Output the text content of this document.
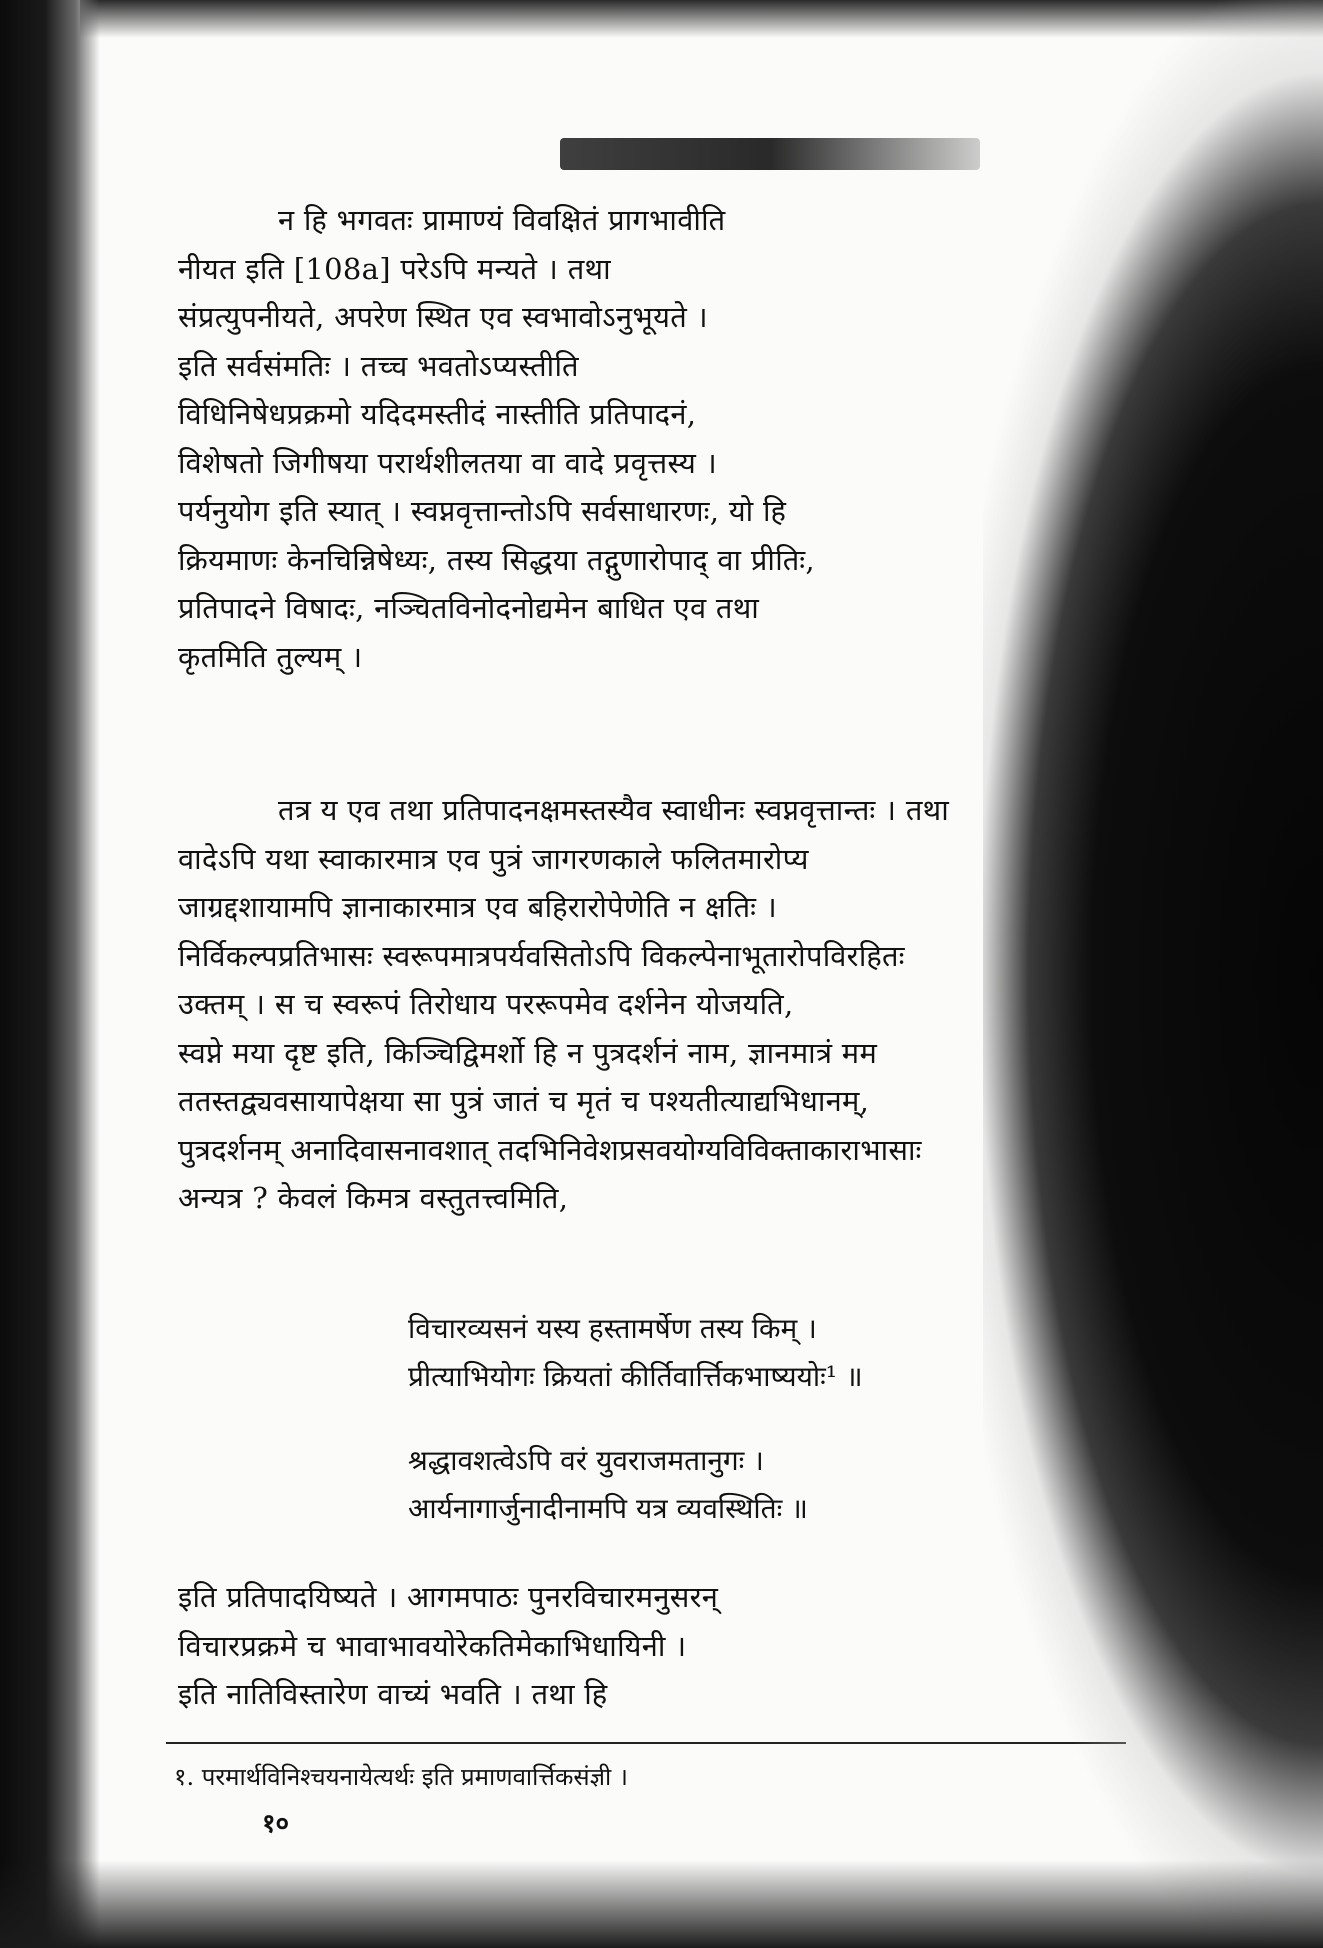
न हि भगवतः प्रामाण्यं विवक्षितं प्रागभावीति
नीयत इति [108a] परेऽपि मन्यते । तथा
संप्रत्युपनीयते, अपरेण स्थित एव स्वभावोऽनुभूयते ।
इति सर्वसंमतिः । तच्च भवतोऽप्यस्तीति
विधिनिषेधप्रक्रमो यदिदमस्तीदं नास्तीति प्रतिपादनं,
विशेषतो जिगीषया परार्थशीलतया वा वादे प्रवृत्तस्य ।
पर्यनुयोग इति स्यात् । स्वप्नवृत्तान्तोऽपि सर्वसाधारणः, यो हि
क्रियमाणः केनचिन्निषेध्यः, तस्य सिद्धया तद्गुणारोपाद् वा प्रीतिः,
प्रतिपादने विषादः, नञ्चितविनोदनोद्यमेन बाधित एव तथा
कृतमिति तुल्यम् ।
तत्र य एव तथा प्रतिपादनक्षमस्तस्यैव स्वाधीनः स्वप्नवृत्तान्तः । तथा
वादेऽपि यथा स्वाकारमात्र एव पुत्रं जागरणकाले फलितमारोप्य
जाग्रद्दशायामपि ज्ञानाकारमात्र एव बहिरारोपेणेति न क्षतिः ।
निर्विकल्पप्रतिभासः स्वरूपमात्रपर्यवसितोऽपि विकल्पेनाभूतारोपविरहितः
उक्तम् । स च स्वरूपं तिरोधाय पररूपमेव दर्शनेन योजयति,
स्वप्ने मया दृष्ट इति, किञ्चिद्विमर्शो हि न पुत्रदर्शनं नाम, ज्ञानमात्रं मम
ततस्तद्व्यवसायापेक्षया सा पुत्रं जातं च मृतं च पश्यतीत्याद्यभिधानम्,
पुत्रदर्शनम् अनादिवासनावशात् तदभिनिवेशप्रसवयोग्यविविक्ताकाराभासाः
अन्यत्र ? केवलं किमत्र वस्तुतत्त्वमिति,
विचारव्यसनं यस्य हस्तामर्षेण तस्य किम् ।
प्रीत्याभियोगः क्रियतां कीर्तिवार्त्तिकभाष्ययोः¹ ॥
श्रद्धावशत्वेऽपि वरं युवराजमतानुगः ।
आर्यनागार्जुनादीनामपि यत्र व्यवस्थितिः ॥
इति प्रतिपादयिष्यते । आगमपाठः पुनरविचारमनुसरन्
विचारप्रक्रमे च भावाभावयोरेकतिमेकाभिधायिनी ।
इति नातिविस्तारेण वाच्यं भवति । तथा हि
१. परमार्थविनिश्चयनायेत्यर्थः इति प्रमाणवार्त्तिकसंज्ञी ।
१०
